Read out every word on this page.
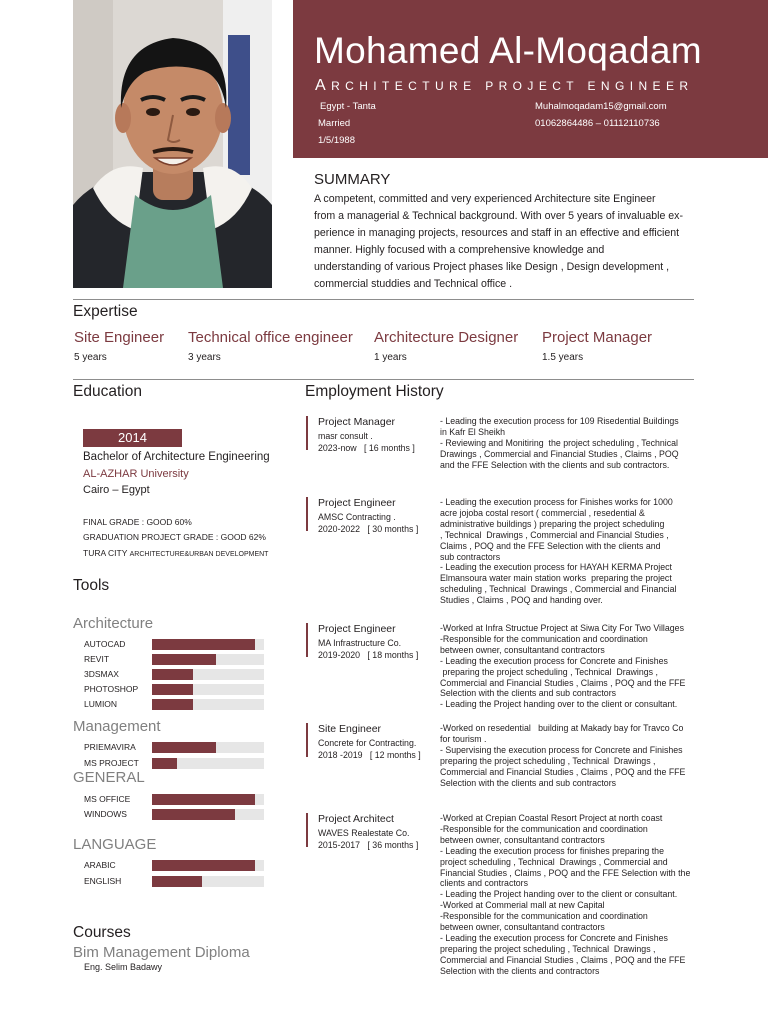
Mohamed Al-Moqadam
ARCHITECTURE PROJECT ENGINEER
Egypt - Tanta
Married
1/5/1988
Muhalmoqadam15@gmail.com
01062864486 – 01112110736
SUMMARY
A competent, committed and very experienced Architecture site Engineer
from a managerial & Technical background. With over 5 years of invaluable ex-
perience in managing projects, resources and staff in an effective and efficient
manner. Highly focused with a comprehensive knowledge and
understanding of various Project phases like Design , Design development ,
commercial studdies and Technical office .
Expertise
Site Engineer
5 years
Technical office engineer
3 years
Architecture Designer
1 years
Project Manager
1.5 years
Education
2014
Bachelor of Architecture Engineering
AL-AZHAR University
Cairo – Egypt
FINAL GRADE : GOOD 60%
GRADUATION PROJECT GRADE : GOOD 62%
TURA CITY ARCHITECTURE&URBAN DEVELOPMENT
Tools
Architecture
AUTOCAD
REVIT
3DSMAX
PHOTOSHOP
LUMION
Management
PRIEMAVIRA
MS PROJECT
GENERAL
MS OFFICE
WINDOWS
LANGUAGE
ARABIC
ENGLISH
Courses
Bim Management Diploma
Eng. Selim Badawy
Employment History
Project Manager
masr consult .
2023-now [ 16 months ]
- Leading the execution process for 109 Risedential Buildings
in Kafr El Sheikh
- Reviewing and Monitiring  the project scheduling , Technical
Drawings , Commercial and Financial Studies , Claims , POQ
and the FFE Selection with the clients and sub contractors.
Project Engineer
AMSC Contracting .
2020-2022 [ 30 months ]
- Leading the execution process for Finishes works for 1000
acre jojoba costal resort ( commercial , resedential &
administrative buildings ) preparing the project scheduling
, Technical  Drawings , Commercial and Financial Studies ,
Claims , POQ and the FFE Selection with the clients and
sub contractors
- Leading the execution process for HAYAH KERMA Project
Elmansoura water main station works  preparing the project
scheduling , Technical  Drawings , Commercial and Financial
Studies , Claims , POQ and handing over.
Project Engineer
MA Infrastructure Co.
2019-2020 [ 18 months ]
-Worked at Infra Structue Project at Siwa City For Two Villages
-Responsible for the communication and coordination
between owner, consultantand contractors
- Leading the execution process for Concrete and Finishes
preparing the project scheduling , Technical  Drawings ,
Commercial and Financial Studies , Claims , POQ and the FFE
Selection with the clients and sub contractors
- Leading the Project handing over to the client or consultant.
Site Engineer
Concrete for Contracting.
2018 -2019 [ 12 months ]
-Worked on resedential   building at Makady bay for Travco Co
for tourism .
- Supervising the execution process for Concrete and Finishes
preparing the project scheduling , Technical  Drawings ,
Commercial and Financial Studies , Claims , POQ and the FFE
Selection with the clients and sub contractors
Project Architect
WAVES Realestate Co.
2015-2017 [ 36 months ]
-Worked at Crepian Coastal Resort Project at north coast
-Responsible for the communication and coordination
between owner, consultantand contractors
- Leading the execution process for finishes preparing the
project scheduling , Technical  Drawings , Commercial and
Financial Studies , Claims , POQ and the FFE Selection with the
clients and contractors
- Leading the Project handing over to the client or consultant.
-Worked at Commerial mall at new Capital
-Responsible for the communication and coordination
between owner, consultantand contractors
- Leading the execution process for Concrete and Finishes
preparing the project scheduling , Technical  Drawings ,
Commercial and Financial Studies , Claims , POQ and the FFE
Selection with the clients and contractors
